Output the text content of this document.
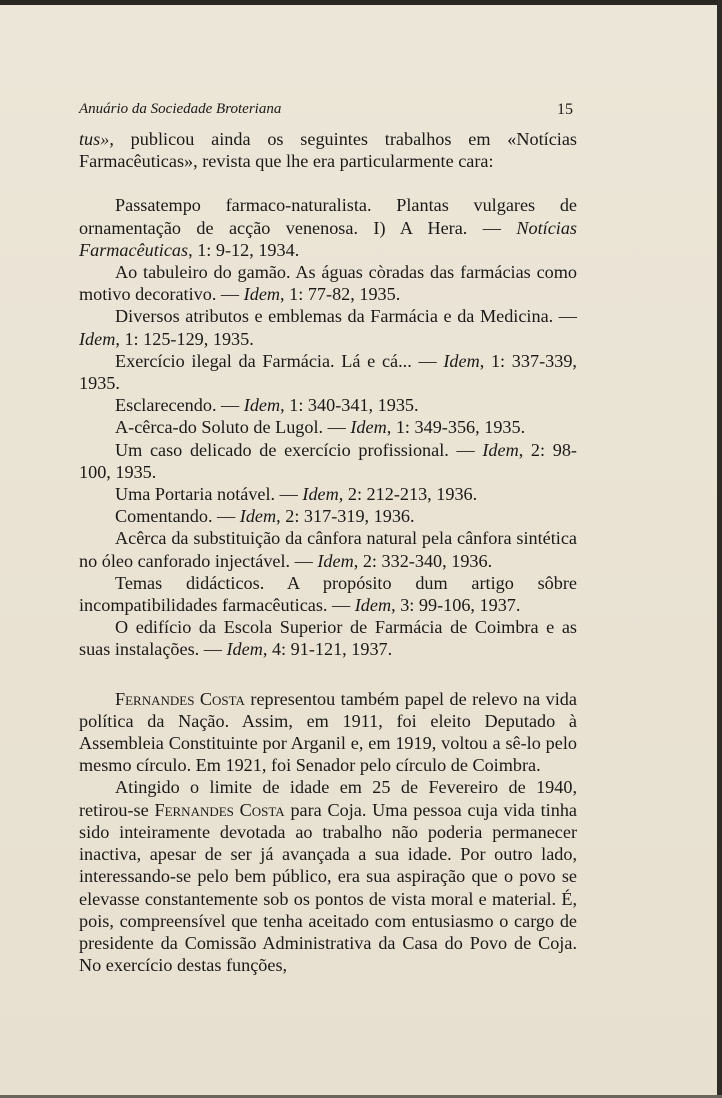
Anuário da Sociedade Broteriana	15

tus», publicou ainda os seguintes trabalhos em «Notícias Farmacêuticas», revista que lhe era particularmente cara:

Passatempo farmaco-naturalista. Plantas vulgares de ornamentação de acção venenosa. I) A Hera. — Notícias Farmacêuticas, 1: 9-12, 1934.

Ao tabuleiro do gamão. As águas còradas das farmácias como motivo decorativo. — Idem, 1: 77-82, 1935.

Diversos atributos e emblemas da Farmácia e da Medicina. — Idem, 1: 125-129, 1935.

Exercício ilegal da Farmácia. Lá e cá... — Idem, 1: 337-339, 1935.

Esclarecendo. — Idem, 1: 340-341, 1935.

A-cêrca-do Soluto de Lugol. — Idem, 1: 349-356, 1935.

Um caso delicado de exercício profissional. — Idem, 2: 98-100, 1935.

Uma Portaria notável. — Idem, 2: 212-213, 1936.

Comentando. — Idem, 2: 317-319, 1936.

Acêrca da substituição da cânfora natural pela cânfora sintética no óleo canforado injectável. — Idem, 2: 332-340, 1936.

Temas didácticos. A propósito dum artigo sôbre incompatibilidades farmacêuticas. — Idem, 3: 99-106, 1937.

O edifício da Escola Superior de Farmácia de Coimbra e as suas instalações. — Idem, 4: 91-121, 1937.

Fernandes Costa representou também papel de relevo na vida política da Nação. Assim, em 1911, foi eleito Deputado à Assembleia Constituinte por Arganil e, em 1919, voltou a sê-lo pelo mesmo círculo. Em 1921, foi Senador pelo círculo de Coimbra.

Atingido o limite de idade em 25 de Fevereiro de 1940, retirou-se Fernandes Costa para Coja. Uma pessoa cuja vida tinha sido inteiramente devotada ao trabalho não poderia permanecer inactiva, apesar de ser já avançada a sua idade. Por outro lado, interessando-se pelo bem público, era sua aspiração que o povo se elevasse constantemente sob os pontos de vista moral e material. É, pois, compreensível que tenha aceitado com entusiasmo o cargo de presidente da Comissão Administrativa da Casa do Povo de Coja. No exercício destas funções,
